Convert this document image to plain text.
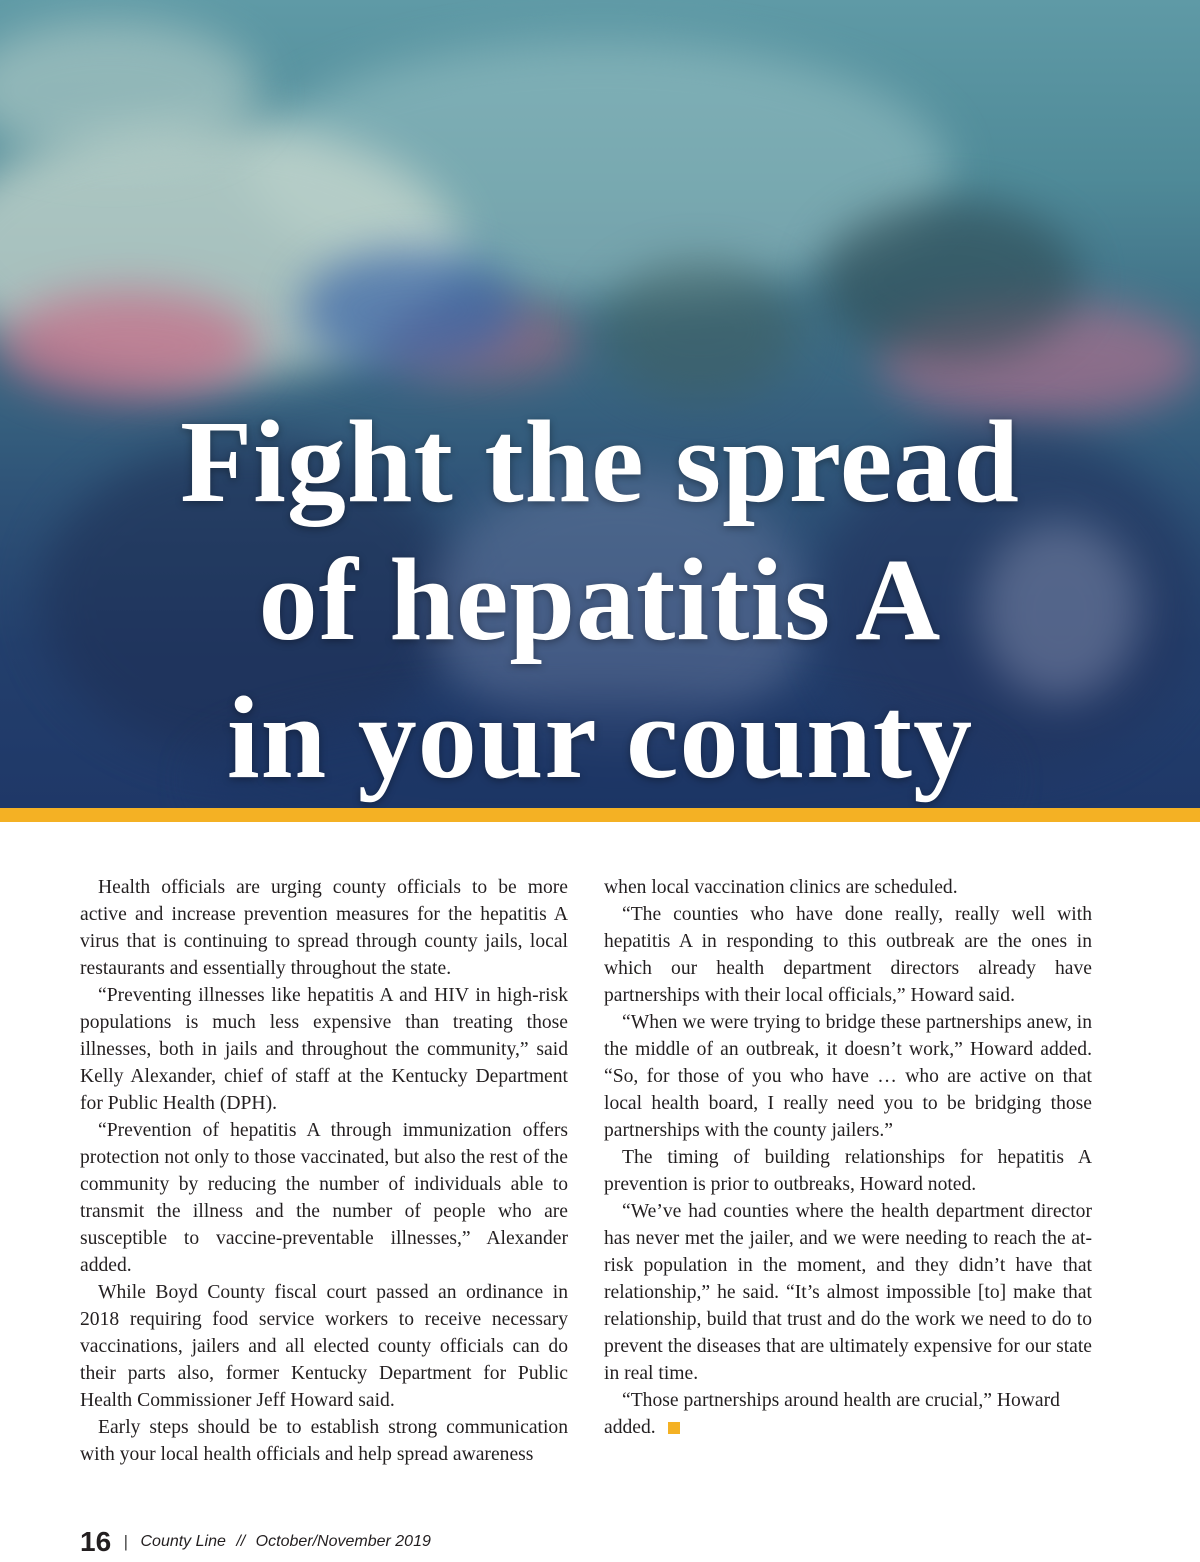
Fight the spread
of hepatitis A
in your county

Health officials are urging county officials to be more active and increase prevention measures for the hepatitis A virus that is continuing to spread through county jails, local restaurants and essentially throughout the state.

“Preventing illnesses like hepatitis A and HIV in high-risk populations is much less expensive than treating those illnesses, both in jails and throughout the community,” said Kelly Alexander, chief of staff at the Kentucky Department for Public Health (DPH).

“Prevention of hepatitis A through immunization offers protection not only to those vaccinated, but also the rest of the community by reducing the number of individuals able to transmit the illness and the number of people who are susceptible to vaccine-preventable illnesses,” Alexander added.

While Boyd County fiscal court passed an ordinance in 2018 requiring food service workers to receive necessary vaccinations, jailers and all elected county officials can do their parts also, former Kentucky Department for Public Health Commissioner Jeff Howard said.

Early steps should be to establish strong communication with your local health officials and help spread awareness

when local vaccination clinics are scheduled.

“The counties who have done really, really well with hepatitis A in responding to this outbreak are the ones in which our health department directors already have partnerships with their local officials,” Howard said.

“When we were trying to bridge these partnerships anew, in the middle of an outbreak, it doesn’t work,” Howard added. “So, for those of you who have … who are active on that local health board, I really need you to be bridging those partnerships with the county jailers.”

The timing of building relationships for hepatitis A prevention is prior to outbreaks, Howard noted.

“We’ve had counties where the health department director has never met the jailer, and we were needing to reach the at-risk population in the moment, and they didn’t have that relationship,” he said. “It’s almost impossible [to] make that relationship, build that trust and do the work we need to do to prevent the diseases that are ultimately expensive for our state in real time.

“Those partnerships around health are crucial,” Howard added.

16 | County Line // October/November 2019
